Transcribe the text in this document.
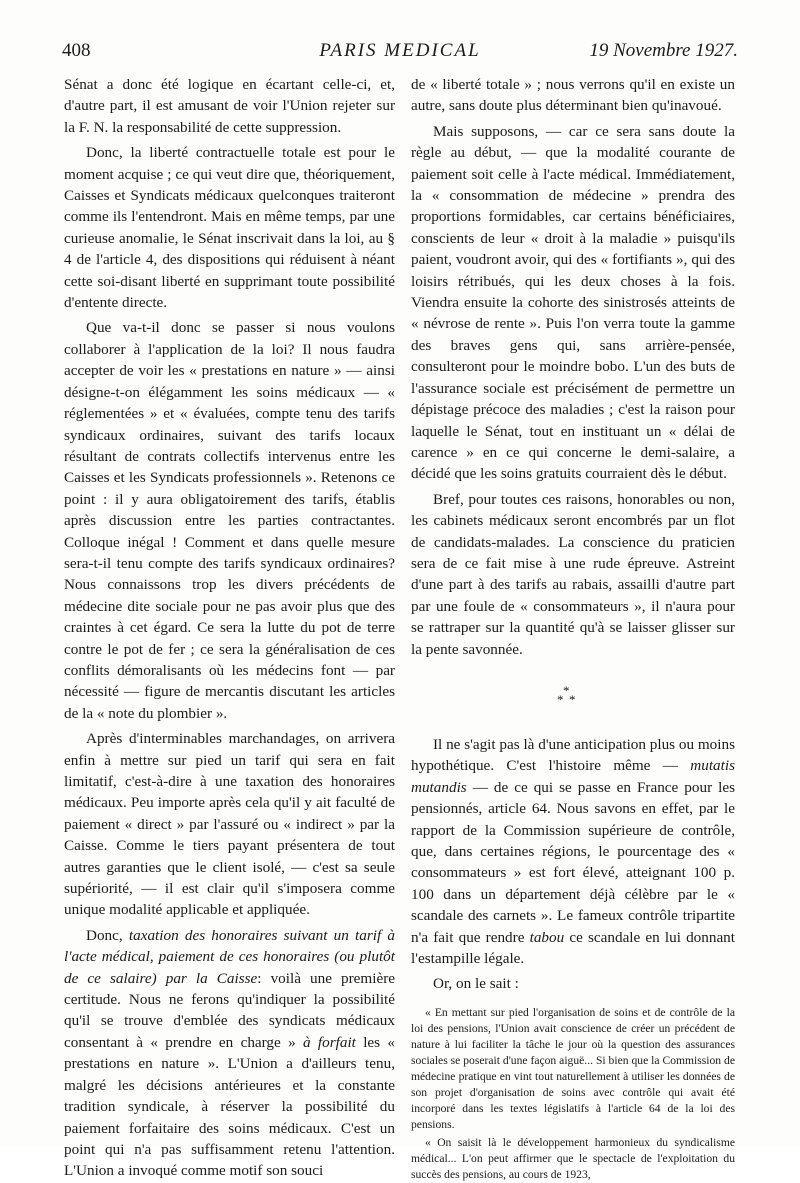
408	PARIS MEDICAL	19 Novembre 1927.

Sénat a donc été logique en écartant celle-ci, et, d'autre part, il est amusant de voir l'Union rejeter sur la F. N. la responsabilité de cette suppression.

Donc, la liberté contractuelle totale est pour le moment acquise ; ce qui veut dire que, théoriquement, Caisses et Syndicats médicaux quelconques traiteront comme ils l'entendront. Mais en même temps, par une curieuse anomalie, le Sénat inscrivait dans la loi, au § 4 de l'article 4, des dispositions qui réduisent à néant cette soi-disant liberté en supprimant toute possibilité d'entente directe.

Que va-t-il donc se passer si nous voulons collaborer à l'application de la loi? Il nous faudra accepter de voir les « prestations en nature » — ainsi désigne-t-on élégamment les soins médicaux — « réglementées » et « évaluées, compte tenu des tarifs syndicaux ordinaires, suivant des tarifs locaux résultant de contrats collectifs intervenus entre les Caisses et les Syndicats professionnels ». Retenons ce point : il y aura obligatoirement des tarifs, établis après discussion entre les parties contractantes. Colloque inégal ! Comment et dans quelle mesure sera-t-il tenu compte des tarifs syndicaux ordinaires? Nous connaissons trop les divers précédents de médecine dite sociale pour ne pas avoir plus que des craintes à cet égard. Ce sera la lutte du pot de terre contre le pot de fer ; ce sera la généralisation de ces conflits démoralisants où les médecins font — par nécessité — figure de mercantis discutant les articles de la « note du plombier ».

Après d'interminables marchandages, on arrivera enfin à mettre sur pied un tarif qui sera en fait limitatif, c'est-à-dire à une taxation des honoraires médicaux. Peu importe après cela qu'il y ait faculté de paiement « direct » par l'assuré ou « indirect » par la Caisse. Comme le tiers payant présentera de tout autres garanties que le client isolé, — c'est sa seule supériorité, — il est clair qu'il s'imposera comme unique modalité applicable et appliquée.

Donc, taxation des honoraires suivant un tarif à l'acte médical, paiement de ces honoraires (ou plutôt de ce salaire) par la Caisse: voilà une première certitude. Nous ne ferons qu'indiquer la possibilité qu'il se trouve d'emblée des syndicats médicaux consentant à « prendre en charge » à forfait les « prestations en nature ». L'Union a d'ailleurs tenu, malgré les décisions antérieures et la constante tradition syndicale, à réserver la possibilité du paiement forfaitaire des soins médicaux. C'est un point qui n'a pas suffisamment retenu l'attention. L'Union a invoqué comme motif son souci

de « liberté totale » ; nous verrons qu'il en existe un autre, sans doute plus déterminant bien qu'inavoué.

Mais supposons, — car ce sera sans doute la règle au début, — que la modalité courante de paiement soit celle à l'acte médical. Immédiatement, la « consommation de médecine » prendra des proportions formidables, car certains bénéficiaires, conscients de leur « droit à la maladie » puisqu'ils paient, voudront avoir, qui des « fortifiants », qui des loisirs rétribués, qui les deux choses à la fois. Viendra ensuite la cohorte des sinistrosés atteints de « névrose de rente ». Puis l'on verra toute la gamme des braves gens qui, sans arrière-pensée, consulteront pour le moindre bobo. L'un des buts de l'assurance sociale est précisément de permettre un dépistage précoce des maladies ; c'est la raison pour laquelle le Sénat, tout en instituant un « délai de carence » en ce qui concerne le demi-salaire, a décidé que les soins gratuits courraient dès le début.

Bref, pour toutes ces raisons, honorables ou non, les cabinets médicaux seront encombrés par un flot de candidats-malades. La conscience du praticien sera de ce fait mise à une rude épreuve. Astreint d'une part à des tarifs au rabais, assailli d'autre part par une foule de « consommateurs », il n'aura pour se rattraper sur la quantité qu'à se laisser glisser sur la pente savonnée.

*
* *

Il ne s'agit pas là d'une anticipation plus ou moins hypothétique. C'est l'histoire même — mutatis mutandis — de ce qui se passe en France pour les pensionnés, article 64. Nous savons en effet, par le rapport de la Commission supérieure de contrôle, que, dans certaines régions, le pourcentage des « consommateurs » est fort élevé, atteignant 100 p. 100 dans un département déjà célèbre par le « scandale des carnets ». Le fameux contrôle tripartite n'a fait que rendre tabou ce scandale en lui donnant l'estampille légale.

Or, on le sait :

« En mettant sur pied l'organisation de soins et de contrôle de la loi des pensions, l'Union avait conscience de créer un précédent de nature à lui faciliter la tâche le jour où la question des assurances sociales se poserait d'une façon aiguë... Si bien que la Commission de médecine pratique en vint tout naturellement à utiliser les données de son projet d'organisation de soins avec contrôle qui avait été incorporé dans les textes législatifs à l'article 64 de la loi des pensions.

« On saisit là le développement harmonieux du syndicalisme médical... L'on peut affirmer que le spectacle de l'exploitation du succès des pensions, au cours de 1923,
